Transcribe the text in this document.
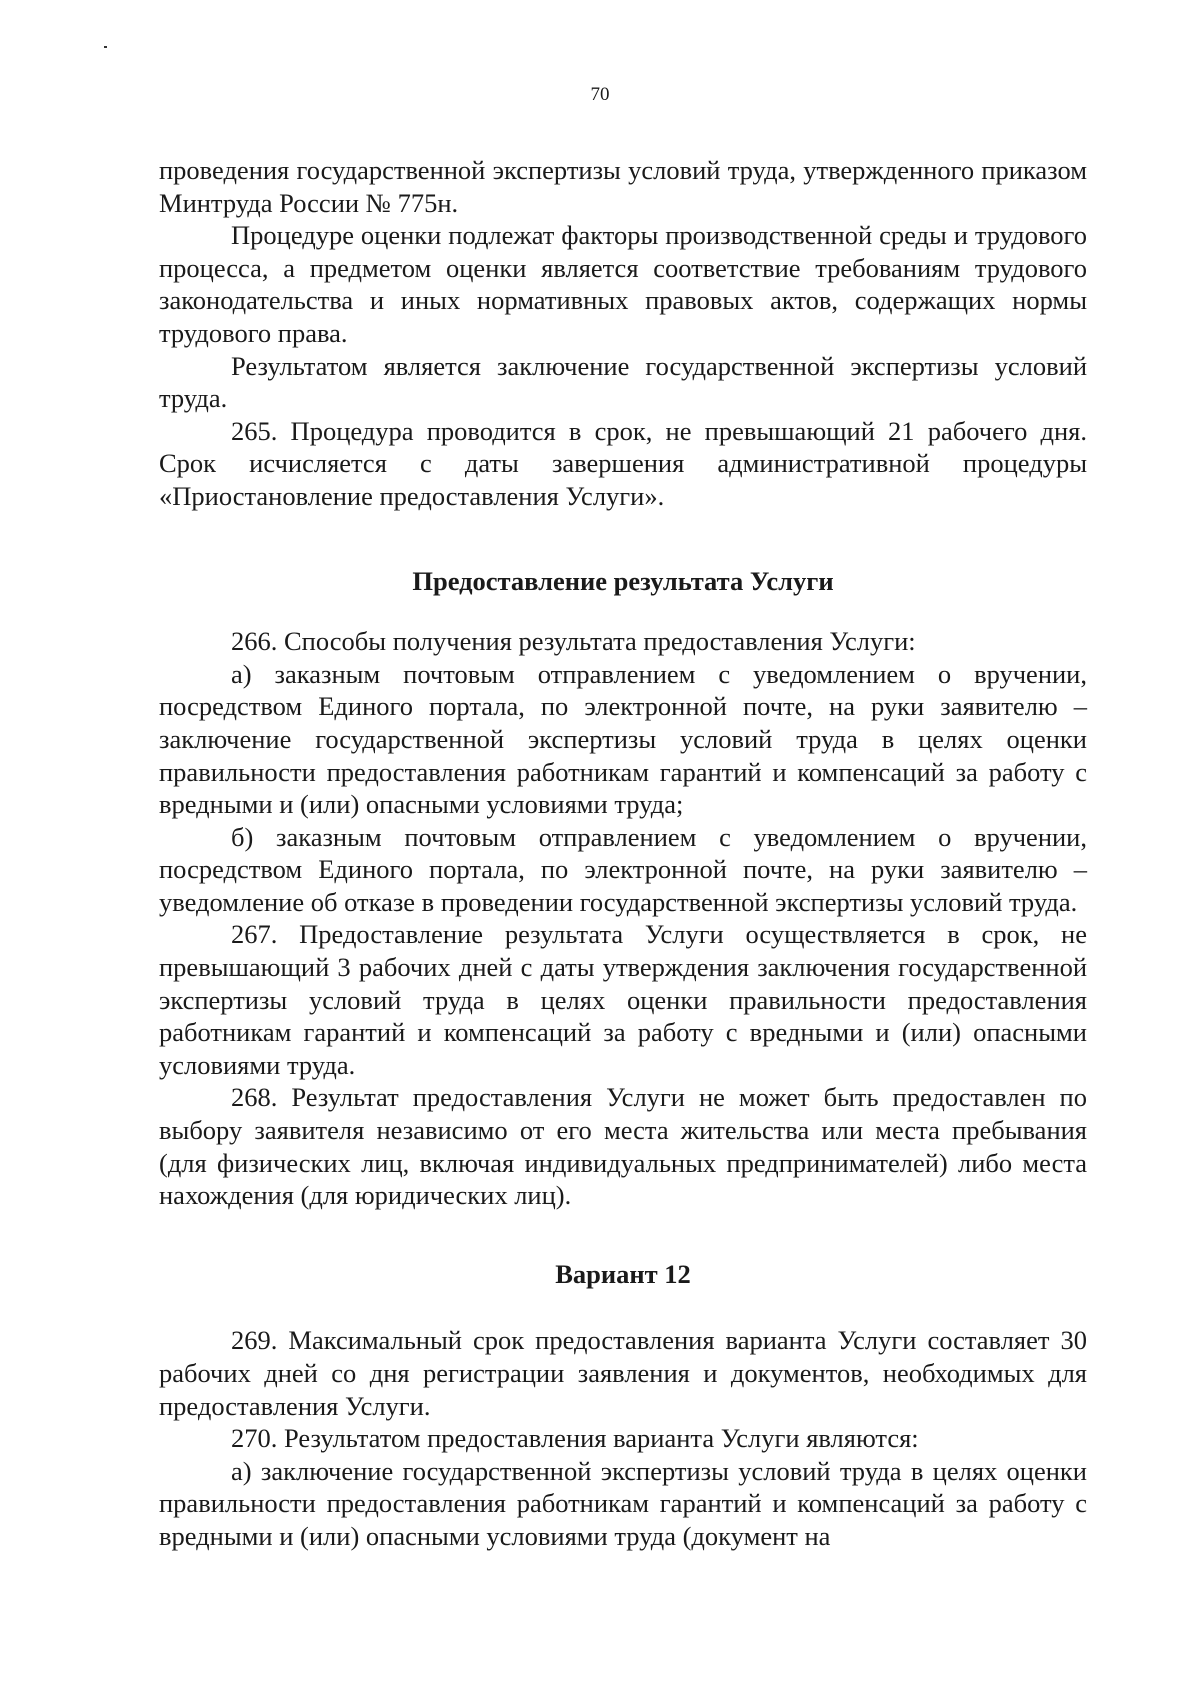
70

проведения государственной экспертизы условий труда, утвержденного приказом Минтруда России № 775н.

Процедуре оценки подлежат факторы производственной среды и трудового процесса, а предметом оценки является соответствие требованиям трудового законодательства и иных нормативных правовых актов, содержащих нормы трудового права.

Результатом является заключение государственной экспертизы условий труда.

265. Процедура проводится в срок, не превышающий 21 рабочего дня. Срок исчисляется с даты завершения административной процедуры «Приостановление предоставления Услуги».

Предоставление результата Услуги

266. Способы получения результата предоставления Услуги:

а) заказным почтовым отправлением с уведомлением о вручении, посредством Единого портала, по электронной почте, на руки заявителю – заключение государственной экспертизы условий труда в целях оценки правильности предоставления работникам гарантий и компенсаций за работу с вредными и (или) опасными условиями труда;

б) заказным почтовым отправлением с уведомлением о вручении, посредством Единого портала, по электронной почте, на руки заявителю – уведомление об отказе в проведении государственной экспертизы условий труда.

267. Предоставление результата Услуги осуществляется в срок, не превышающий 3 рабочих дней с даты утверждения заключения государственной экспертизы условий труда в целях оценки правильности предоставления работникам гарантий и компенсаций за работу с вредными и (или) опасными условиями труда.

268. Результат предоставления Услуги не может быть предоставлен по выбору заявителя независимо от его места жительства или места пребывания (для физических лиц, включая индивидуальных предпринимателей) либо места нахождения (для юридических лиц).

Вариант 12

269. Максимальный срок предоставления варианта Услуги составляет 30 рабочих дней со дня регистрации заявления и документов, необходимых для предоставления Услуги.

270. Результатом предоставления варианта Услуги являются:

а) заключение государственной экспертизы условий труда в целях оценки правильности предоставления работникам гарантий и компенсаций за работу с вредными и (или) опасными условиями труда (документ на
